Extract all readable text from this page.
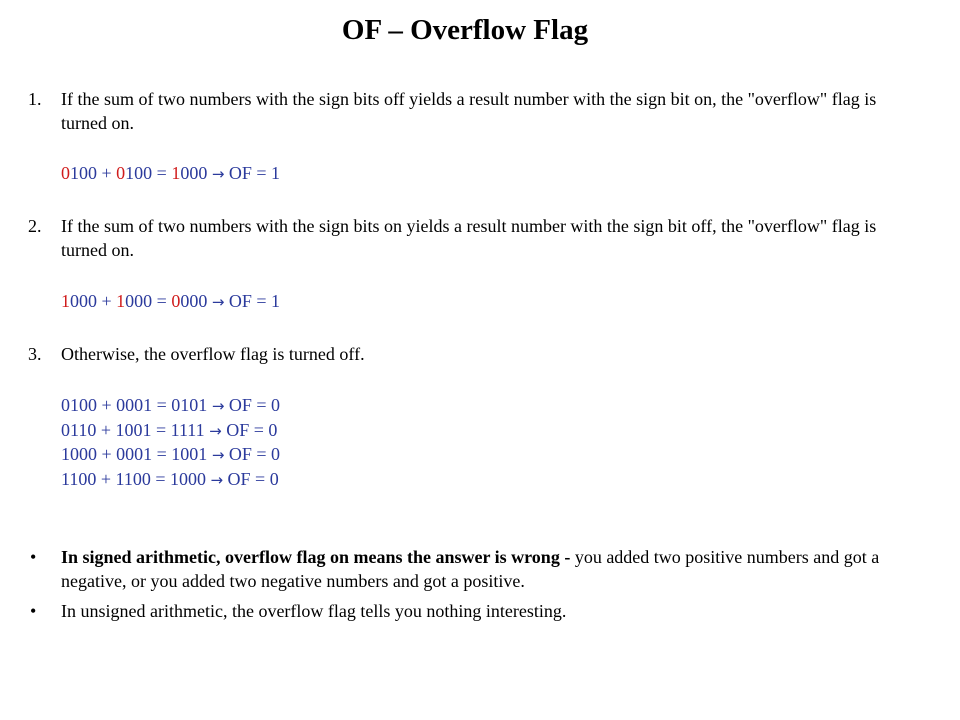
OF – Overflow Flag
1. If the sum of two numbers with the sign bits off yields a result number with the sign bit on, the "overflow" flag is turned on.
0100 + 0100 = 1000 → OF = 1
2. If the sum of two numbers with the sign bits on yields a result number with the sign bit off, the "overflow" flag is turned on.
1000 + 1000 = 0000 → OF = 1
3. Otherwise, the overflow flag is turned off.
0100 + 0001 = 0101 → OF = 0
0110 + 1001 = 1111 → OF = 0
1000 + 0001 = 1001 → OF = 0
1100 + 1100 = 1000 → OF = 0
• In signed arithmetic, overflow flag on means the answer is wrong - you added two positive numbers and got a negative, or you added two negative numbers and got a positive.
• In unsigned arithmetic, the overflow flag tells you nothing interesting.
